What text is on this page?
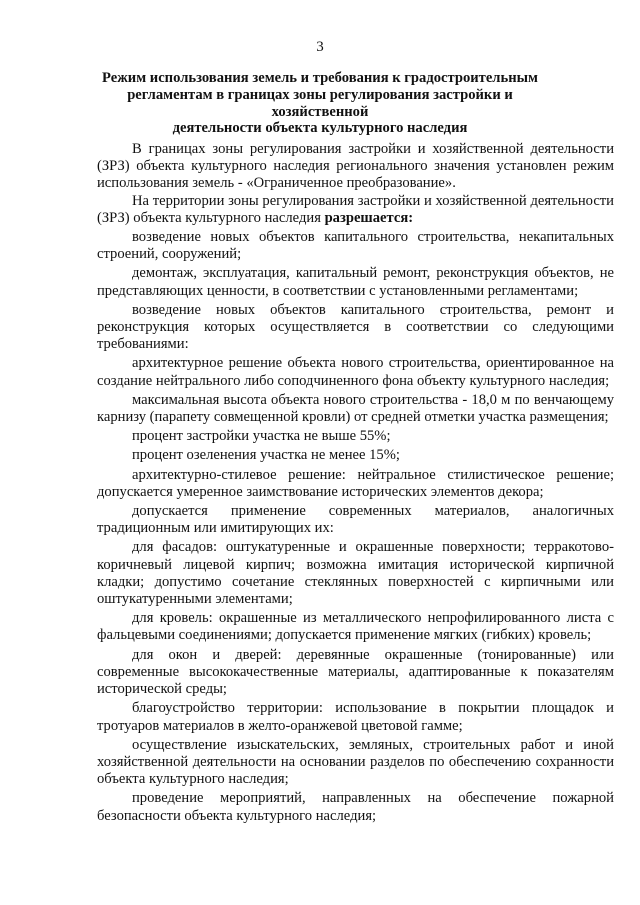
3
Режим использования земель и требования к градостроительным
регламентам в границах зоны регулирования застройки и хозяйственной
деятельности объекта культурного наследия

В границах зоны регулирования застройки и хозяйственной деятельности (ЗРЗ) объекта культурного наследия регионального значения установлен режим использования земель - «Ограниченное преобразование».

На территории зоны регулирования застройки и хозяйственной деятельности (ЗРЗ) объекта культурного наследия разрешается:

возведение новых объектов капитального строительства, некапитальных строений, сооружений;

демонтаж, эксплуатация, капитальный ремонт, реконструкция объектов, не представляющих ценности, в соответствии с установленными регламентами;

возведение новых объектов капитального строительства, ремонт и реконструкция которых осуществляется в соответствии со следующими требованиями:

архитектурное решение объекта нового строительства, ориентированное на создание нейтрального либо соподчиненного фона объекту культурного наследия;

максимальная высота объекта нового строительства - 18,0 м по венчающему карнизу (парапету совмещенной кровли) от средней отметки участка размещения;

процент застройки участка не выше 55%;

процент озеленения участка не менее 15%;

архитектурно-стилевое решение: нейтральное стилистическое решение; допускается умеренное заимствование исторических элементов декора;

допускается применение современных материалов, аналогичных традиционным или имитирующих их:

для фасадов: оштукатуренные и окрашенные поверхности; терракотово-коричневый лицевой кирпич; возможна имитация исторической кирпичной кладки; допустимо сочетание стеклянных поверхностей с кирпичными или оштукатуренными элементами;

для кровель: окрашенные из металлического непрофилированного листа с фальцевыми соединениями; допускается применение мягких (гибких) кровель;

для окон и дверей: деревянные окрашенные (тонированные) или современные высококачественные материалы, адаптированные к показателям исторической среды;

благоустройство территории: использование в покрытии площадок и тротуаров материалов в желто-оранжевой цветовой гамме;

осуществление изыскательских, земляных, строительных работ и иной хозяйственной деятельности на основании разделов по обеспечению сохранности объекта культурного наследия;

проведение мероприятий, направленных на обеспечение пожарной безопасности объекта культурного наследия;
